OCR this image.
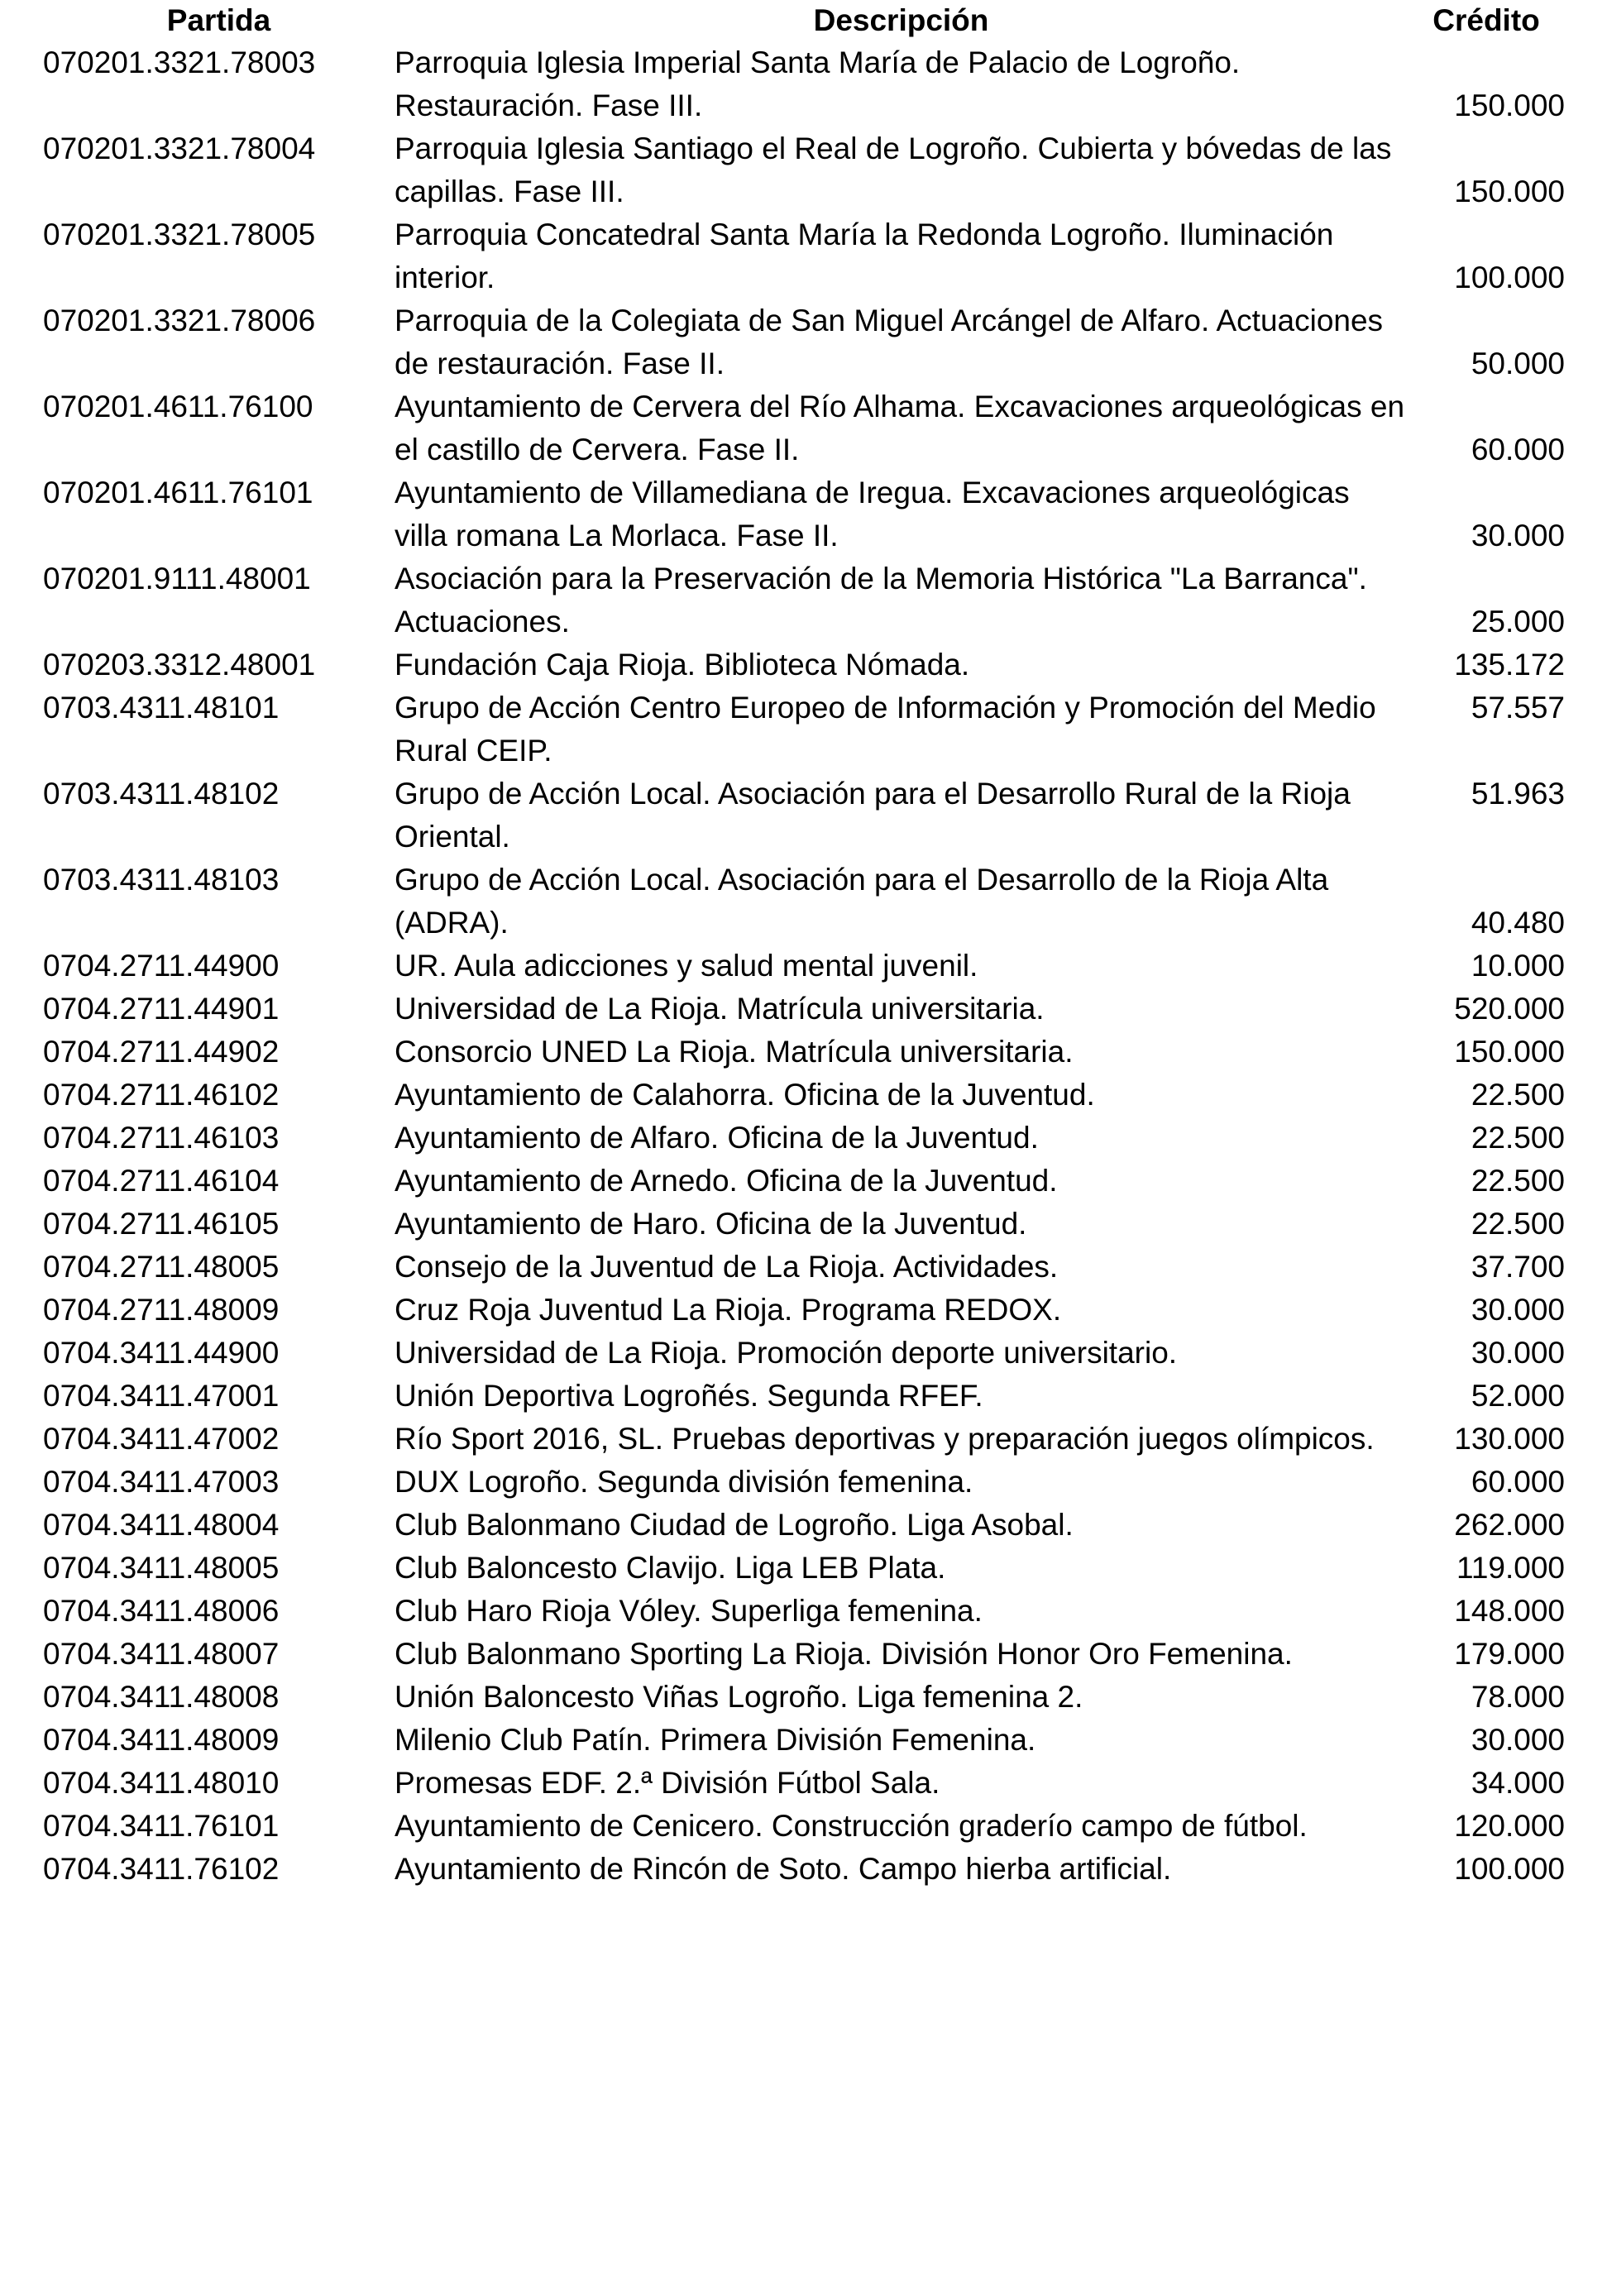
Partida	Descripción	Crédito
070201.3321.78003	Parroquia Iglesia Imperial Santa María de Palacio de Logroño. Restauración. Fase III.	150.000
070201.3321.78004	Parroquia Iglesia Santiago el Real de Logroño. Cubierta y bóvedas de las capillas. Fase III.	150.000
070201.3321.78005	Parroquia Concatedral Santa María la Redonda Logroño. Iluminación interior.	100.000
070201.3321.78006	Parroquia de la Colegiata de San Miguel Arcángel de Alfaro. Actuaciones de restauración. Fase II.	50.000
070201.4611.76100	Ayuntamiento de Cervera del Río Alhama. Excavaciones arqueológicas en el castillo de Cervera. Fase II.	60.000
070201.4611.76101	Ayuntamiento de Villamediana de Iregua. Excavaciones arqueológicas villa romana La Morlaca. Fase II.	30.000
070201.9111.48001	Asociación para la Preservación de la Memoria Histórica "La Barranca". Actuaciones.	25.000
070203.3312.48001	Fundación Caja Rioja. Biblioteca Nómada.	135.172
0703.4311.48101	Grupo de Acción Centro Europeo de Información y Promoción del Medio Rural CEIP.	57.557
0703.4311.48102	Grupo de Acción Local. Asociación para el Desarrollo Rural de la Rioja Oriental.	51.963
0703.4311.48103	Grupo de Acción Local. Asociación para el Desarrollo de la Rioja Alta (ADRA).	40.480
0704.2711.44900	UR. Aula adicciones y salud mental juvenil.	10.000
0704.2711.44901	Universidad de La Rioja. Matrícula universitaria.	520.000
0704.2711.44902	Consorcio UNED La Rioja. Matrícula universitaria.	150.000
0704.2711.46102	Ayuntamiento de Calahorra. Oficina de la Juventud.	22.500
0704.2711.46103	Ayuntamiento de Alfaro. Oficina de la Juventud.	22.500
0704.2711.46104	Ayuntamiento de Arnedo. Oficina de la Juventud.	22.500
0704.2711.46105	Ayuntamiento de Haro. Oficina de la Juventud.	22.500
0704.2711.48005	Consejo de la Juventud de La Rioja. Actividades.	37.700
0704.2711.48009	Cruz Roja Juventud La Rioja. Programa REDOX.	30.000
0704.3411.44900	Universidad de La Rioja. Promoción deporte universitario.	30.000
0704.3411.47001	Unión Deportiva Logroñés. Segunda RFEF.	52.000
0704.3411.47002	Río Sport 2016, SL. Pruebas deportivas y preparación juegos olímpicos.	130.000
0704.3411.47003	DUX Logroño. Segunda división femenina.	60.000
0704.3411.48004	Club Balonmano Ciudad de Logroño. Liga Asobal.	262.000
0704.3411.48005	Club Baloncesto Clavijo. Liga LEB Plata.	119.000
0704.3411.48006	Club Haro Rioja Vóley. Superliga femenina.	148.000
0704.3411.48007	Club Balonmano Sporting La Rioja. División Honor Oro Femenina.	179.000
0704.3411.48008	Unión Baloncesto Viñas Logroño. Liga femenina 2.	78.000
0704.3411.48009	Milenio Club Patín. Primera División Femenina.	30.000
0704.3411.48010	Promesas EDF. 2.ª División Fútbol Sala.	34.000
0704.3411.76101	Ayuntamiento de Cenicero. Construcción graderío campo de fútbol.	120.000
0704.3411.76102	Ayuntamiento de Rincón de Soto. Campo hierba artificial.	100.000
